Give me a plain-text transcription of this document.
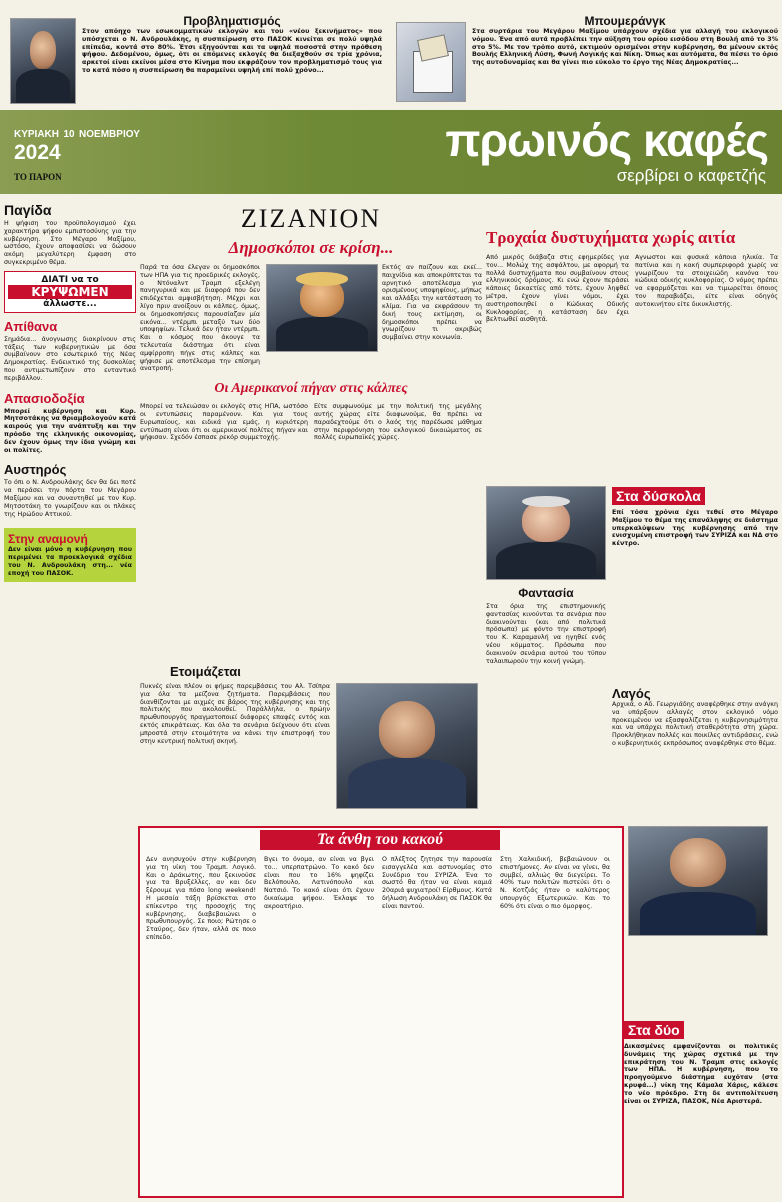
Προβληματισμός

Στον απόηχο των εσωκομματικών εκλογών και του «νέου ξεκινήματος» που υπόσχεται ο Ν. Ανδρουλάκης, η συσπείρωση στο ΠΑΣΟΚ κινείται σε πολύ υψηλά επίπεδα, κοντά στο 80%. Έτσι εξηγούνται και τα υψηλά ποσοστά στην πρόθεση ψήφου. Δεδομένου, όμως, ότι οι επόμενες εκλογές θα διεξαχθούν σε τρία χρόνια, αρκετοί είναι εκείνοι μέσα στο Κίνημα που εκφράζουν τον προβληματισμό τους για το κατά πόσο η συσπείρωση θα παραμείνει υψηλή επί πολύ χρόνο...

Μπουμεράνγκ

Στα συρτάρια του Μεγάρου Μαξίμου υπάρχουν σχέδια για αλλαγή του εκλογικού νόμου. Ένα από αυτά προβλέπει την αύξηση του ορίου εισόδου στη Βουλή από το 3% στο 5%. Με τον τρόπο αυτό, εκτιμούν ορισμένοι στην κυβέρνηση, θα μένουν εκτός Βουλής Ελληνική Λύση, Φωνή Λογικής και Νίκη. Όπως και αυτόματα, θα πέσει το όριο της αυτοδυναμίας και θα γίνει πιο εύκολο το έργο της Νέας Δημοκρατίας...

ΚΥΡΙΑΚΗ 10 ΝΟΕΜΒΡΙΟΥ
2024
ΤΟ ΠΑΡΟΝ
πρωινός καφές
σερβίρει ο καφετζής
Παγίδα

Η ψήφιση του προϋπολογισμού έχει χαρακτήρα ψήφου εμπιστοσύνης για την κυβέρνηση. Στο Μέγαρο Μαξίμου, ωστόσο, έχουν αποφασίσει να δώσουν ακόμη μεγαλύτερη έμφαση στο συγκεκριμένο θέμα.

ΔΙΑΤΙ να το
ΚΡΥΨΩΜΕΝ
άλλωστε...
Απίθανα

Σημάδια... άνογνωσης διακρίνουν στις τάξεις των κυβερνητικών με όσα συμβαίνουν στο εσωτερικό της Νέας Δημοκρατίας. Ενδεικτικό της δυσκολίας που αντιμετωπίζουν στο ενταντικό περιβάλλον.

Απασιοδοξία

Μπορεί κυβέρνηση και Κυρ. Μητσοτάκης να θριαμβολογούν κατά καιρούς για την ανάπτυξη και την πρόοδο της ελληνικής οικονομίας, δεν έχουν όμως την ίδια γνώμη και οι πολίτες.

Αυστηρός

Το όπι ο Ν. Ανδρουλάκης δεν θα δει ποτέ να περάσει την πόρτα του Μεγάρου Μαξίμου και να συναντηθεί με τον Κυρ. Μητσοτάκη το γνωρίζουν και οι πλάκες της Ηρώδου Αττικού.

Στην αναμονή

Δεν είναι μόνο η κυβέρνηση που περιμένει τα προεκλογικά σχέδια του Ν. Ανδρουλάκη στη... νέα εποχή του ΠΑΣΟΚ.

ΖΙΖΑΝΙΟΝ
Δημοσκόποι σε κρίση...

Παρά τα όσα έλεγαν οι δημοσκόποι των ΗΠΑ για τις προεδρικές εκλογές, ο Ντόναλντ Τραμπ εξελέγη πανηγυρικά και με διαφορά που δεν επιδέχεται αμφισβήτηση. Μέχρι και λίγο πριν ανοίξουν οι κάλπες, όμως, οι δημοσκοπήσεις παρουσίαζαν μία εικόνα... ντέρμπι μεταξύ των δύο υποψηφίων. Τελικά δεν ήταν ντέρμπι. Και ο κόσμος που άκουγε τα τελευταία διάστημα ότι είναι αμφίρροπη πήγε στις κάλπες και ψήφισε με αποτέλεσμα την επίσημη ανατροπή.

Εκτός αν παίζουν και εκεί... παιχνίδια και αποκρύπτεται τα αρνητικό αποτέλεσμα για ορισμένους υποψηφίους, μήπως και αλλάξει την κατάσταση το κλίμα. Για να εκφράσουν τη δική τους εκτίμηση, οι δημοσκόποι πρέπει να γνωρίζουν τι ακριβώς συμβαίνει στην κοινωνία.

Οι Αμερικανοί πήγαν στις κάλπες

Μπορεί να τελειώσαν οι εκλογές στις ΗΠΑ, ωστόσο οι εντυπώσεις παραμένουν. Και για τους Ευρωπαίους, και ειδικά για εμάς, η κυριότερη εντύπωση είναι ότι οι αμερικανοί πολίτες πήγαν και ψήφισαν. Σχεδόν έσπασε ρεκόρ συμμετοχής.

Είτε συμφωνούμε με την πολιτική της μεγάλης αυτής χώρας είτε διαφωνούμε, θα πρέπει να παραδεχτούμε ότι ο λαός της παρέδωσε μάθημα στην περιφρόνηση του εκλογικού δικαιώματος σε πολλές ευρωπαϊκές χώρες.

Ετοιμάζεται

Πυκνές είναι πλέον οι φήμες παρεμβάσεις του Αλ. Τσίπρα για όλα τα μείζονα ζητήματα. Παρεμβάσεις που διανθίζονται με αιχμές σε βάρος της κυβέρνησης και της πολιτικής που ακολουθεί. Παράλληλα, ο πρώην πρωθυπουργός πραγματοποιεί διάφορες επαφές εντός και εκτός επικράτειας. Και όλα τα σενάρια δείχνουν ότι είναι μπροστά στην ετοιμότητα να κάνει την επιστροφή του στην κεντρική πολιτική σκηνή.

Τροχαία δυστυχήματα χωρίς αιτία

Από μικρός διάβαζα στις εφημερίδες για τον... Μολώχ της ασφάλτου, με αφορμή τα πολλά δυστυχήματα που συμβαίνουν στους ελληνικούς δρόμους. Κι ενώ έχουν περάσει κάποιες δεκαετίες από τότε, έχουν ληφθεί μέτρα, έχουν γίνει νόμοι, έχει αυστηροποιηθεί ο Κώδικας Οδικής Κυκλοφορίας, η κατάσταση δεν έχει βελτιωθεί αισθητά.

Αγνωστοι και φυσικά κάποια ηλικία. Τα πατίνια και η κακή συμπεριφορά χωρίς να γνωρίζουν τα στοιχειώδη κανόνα του κώδικα οδικής κυκλοφορίας. Ο νόμος πρέπει να εφαρμόζεται και να τιμωρείται όποιος τον παραβιάζει, είτε είναι οδηγός αυτοκινήτου είτε δικυκλιστής.

Φαντασία

Στα όρια της επιστημονικής φαντασίας κινούνται τα σενάρια που διακινούνται (και από πολιτικά πρόσωπα) με φόντο την επιστροφή του Κ. Καραμανλή να ηγηθεί ενός νέου κόμματος. Πρόσωπα που διακινούν σενάρια αυτού του τύπου ταλαιπωρούν την κοινή γνώμη.

Στα δύσκολα

Επί τόσα χρόνια έχει τεθεί στο Μέγαρο Μαξίμου το θέμα της επανάληψης σε διάστημα υπερκαλύψεων της κυβέρνησης από την ενισχυμένη επιστροφή των ΣΥΡΙΖΑ και ΝΔ στο κέντρο.

Λαγός

Αρχικά, ο Αδ. Γεωργιάδης αναφέρθηκε στην ανάγκη να υπάρξουν αλλαγές στον εκλογικό νόμο προκειμένου να εξασφαλίζεται η κυβερνησιμότητα και να υπάρχει πολιτική σταθερότητα στη χώρα. Προκλήθηκαν πολλές και ποικίλες αντιδράσεις, ενώ ο κυβερνητικός εκπρόσωπος αναφέρθηκε στο θέμα.

Στα δύο

Δικασμένες εμφανίζονται οι πολιτικές δυνάμεις της χώρας σχετικά με την επικράτηση του Ν. Τραμπ στις εκλογές των ΗΠΑ. Η κυβέρνηση, που το προηγούμενο διάστημα ευχόταν (στα κρυφά...) νίκη της Κάμαλα Χάρις, κάλεσε το νέο πρόεδρο. Στη δε αντιπολίτευση είναι οι ΣΥΡΙΖΑ, ΠΑΣΟΚ, Νέα Αριστερά.

Τα άνθη του κακού

Δεν ανησυχούν στην κυβέρνηση για τη νίκη του Τραμπ. Λογικό. Και ο Δράκωτης, που ξεκινούσε για τα Βρυξέλλες, αν και δεν ξέρουμε για πόσο long weekend! Η μεσαία τάξη βρίσκεται στο επίκεντρο της προσοχής της κυβέρνησης, διαβεβαιώνει ο πρωθυπουργός. Σε ποιο; Ρώτησε ο Σταύρος, δεν ήταν, αλλά σε ποιο επίπεδο.

Βγει το όνομα, αν είναι να βγει το... υπερπατρώνο. Το κακό δεν είναι που το 16% ψηφίζει Βελόπουλο, Λατινόπουλο και Νατσιό. Το κακό είναι ότι έχουν δικαίωμα ψήφου. Έκλαψε το ακροατήριο.

Ο πλέξτος ζητησε την παρουσία εισαγγελέα και αστυνομίας στο Συνέδριο του ΣΥΡΙΖΑ. Ένα το σωστό θα ήταν να είναι καμιά 20αριά ψυχιατροί! Είρθμους. Κατά δήλωση Ανδρουλάκη σε ΠΑΣΟΚ θα είναι παντού.

Στη Χαλκιδική, βεβαιώνουν οι επιστήμονες. Αν είναι να γίνει, θα συμβεί, αλλιώς θα διεγείρει. Το 40% των πολιτών πιστεύει ότι ο Ν. Κοτζιάς ήταν ο καλύτερος υπουργός Εξωτερικών. Και το 60% ότι είναι ο πιο όμορφος.
